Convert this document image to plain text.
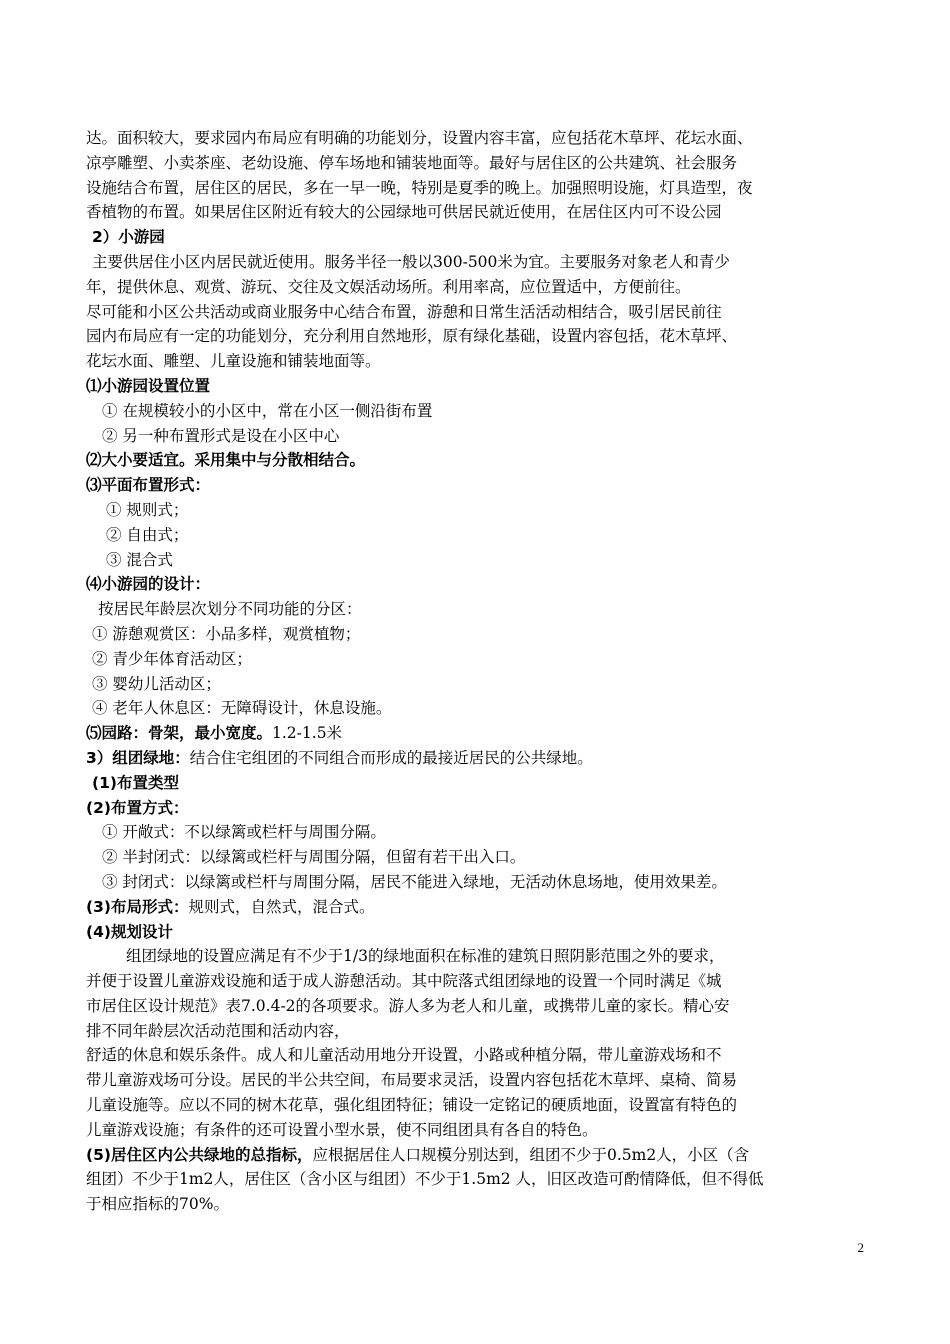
达。面积较大，要求园内布局应有明确的功能划分，设置内容丰富，应包括花木草坪、花坛水面、
凉亭雕塑、小卖茶座、老幼设施、停车场地和铺装地面等。最好与居住区的公共建筑、社会服务
设施结合布置，居住区的居民，多在一早一晚，特别是夏季的晚上。加强照明设施，灯具造型，夜
香植物的布置。如果居住区附近有较大的公园绿地可供居民就近使用，在居住区内可不设公园
2）小游园
主要供居住小区内居民就近使用。服务半径一般以300-500米为宜。主要服务对象老人和青少
年，提供休息、观赏、游玩、交往及文娱活动场所。利用率高，应位置适中，方便前往。
尽可能和小区公共活动或商业服务中心结合布置，游憩和日常生活活动相结合，吸引居民前往
园内布局应有一定的功能划分，充分利用自然地形，原有绿化基础，设置内容包括，花木草坪、
花坛水面、雕塑、儿童设施和铺装地面等。
⑴小游园设置位置
① 在规模较小的小区中，常在小区一侧沿街布置
② 另一种布置形式是设在小区中心
⑵大小要适宜。采用集中与分散相结合。
⑶平面布置形式：
① 规则式；
② 自由式；
③ 混合式
⑷小游园的设计：
按居民年龄层次划分不同功能的分区：
① 游憩观赏区：小品多样，观赏植物；
② 青少年体育活动区；
③ 婴幼儿活动区；
④ 老年人休息区：无障碍设计，休息设施。
⑸园路：骨架，最小宽度。1.2-1.5米
3）组团绿地：结合住宅组团的不同组合而形成的最接近居民的公共绿地。
(1)布置类型
(2)布置方式：
① 开敞式：不以绿篱或栏杆与周围分隔。
② 半封闭式：以绿篱或栏杆与周围分隔，但留有若干出入口。
③ 封闭式：以绿篱或栏杆与周围分隔，居民不能进入绿地，无活动休息场地，使用效果差。
(3)布局形式：规则式，自然式，混合式。
(4)规划设计
组团绿地的设置应满足有不少于1/3的绿地面积在标准的建筑日照阴影范围之外的要求，
并便于设置儿童游戏设施和适于成人游憩活动。其中院落式组团绿地的设置一个同时满足《城
市居住区设计规范》表7.0.4-2的各项要求。游人多为老人和儿童，或携带儿童的家长。精心安
排不同年龄层次活动范围和活动内容，
舒适的休息和娱乐条件。成人和儿童活动用地分开设置，小路或种植分隔，带儿童游戏场和不
带儿童游戏场可分设。居民的半公共空间，布局要求灵活，设置内容包括花木草坪、桌椅、简易
儿童设施等。应以不同的树木花草，强化组团特征；铺设一定铭记的硬质地面，设置富有特色的
儿童游戏设施；有条件的还可设置小型水景，使不同组团具有各自的特色。
(5)居住区内公共绿地的总指标，应根据居住人口规模分别达到，组团不少于0.5m2人，小区（含
组团）不少于1m2人，居住区（含小区与组团）不少于1.5m2 人，旧区改造可酌情降低，但不得低
于相应指标的70%。
2
